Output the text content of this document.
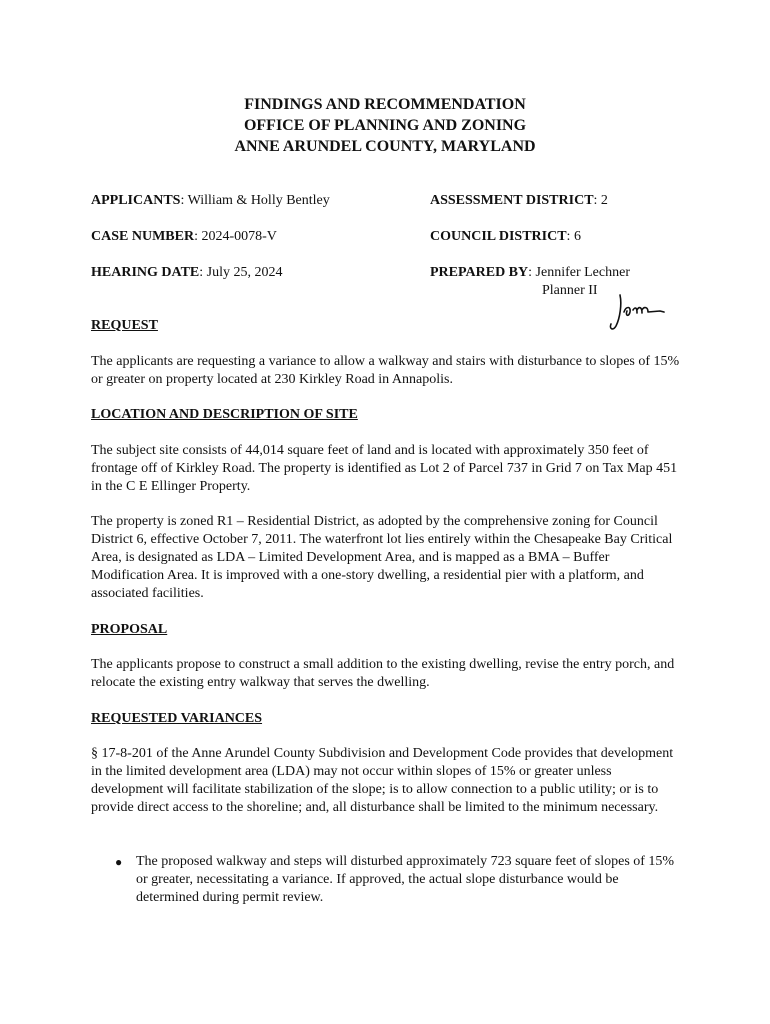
FINDINGS AND RECOMMENDATION
OFFICE OF PLANNING AND ZONING
ANNE ARUNDEL COUNTY, MARYLAND
APPLICANTS: William & Holly Bentley	ASSESSMENT DISTRICT: 2
CASE NUMBER: 2024-0078-V	COUNCIL DISTRICT: 6
HEARING DATE: July 25, 2024	PREPARED BY: Jennifer Lechner
Planner II
REQUEST
The applicants are requesting a variance to allow a walkway and stairs with disturbance to slopes of 15% or greater on property located at 230 Kirkley Road in Annapolis.
LOCATION AND DESCRIPTION OF SITE
The subject site consists of 44,014 square feet of land and is located with approximately 350 feet of frontage off of Kirkley Road. The property is identified as Lot 2 of Parcel 737 in Grid 7 on Tax Map 451 in the C E Ellinger Property.
The property is zoned R1 – Residential District, as adopted by the comprehensive zoning for Council District 6, effective October 7, 2011. The waterfront lot lies entirely within the Chesapeake Bay Critical Area, is designated as LDA – Limited Development Area, and is mapped as a BMA – Buffer Modification Area. It is improved with a one-story dwelling, a residential pier with a platform, and associated facilities.
PROPOSAL
The applicants propose to construct a small addition to the existing dwelling, revise the entry porch, and relocate the existing entry walkway that serves the dwelling.
REQUESTED VARIANCES
§ 17-8-201 of the Anne Arundel County Subdivision and Development Code provides that development in the limited development area (LDA) may not occur within slopes of 15% or greater unless development will facilitate stabilization of the slope; is to allow connection to a public utility; or is to provide direct access to the shoreline; and, all disturbance shall be limited to the minimum necessary.
● The proposed walkway and steps will disturbed approximately 723 square feet of slopes of 15% or greater, necessitating a variance. If approved, the actual slope disturbance would be determined during permit review.
